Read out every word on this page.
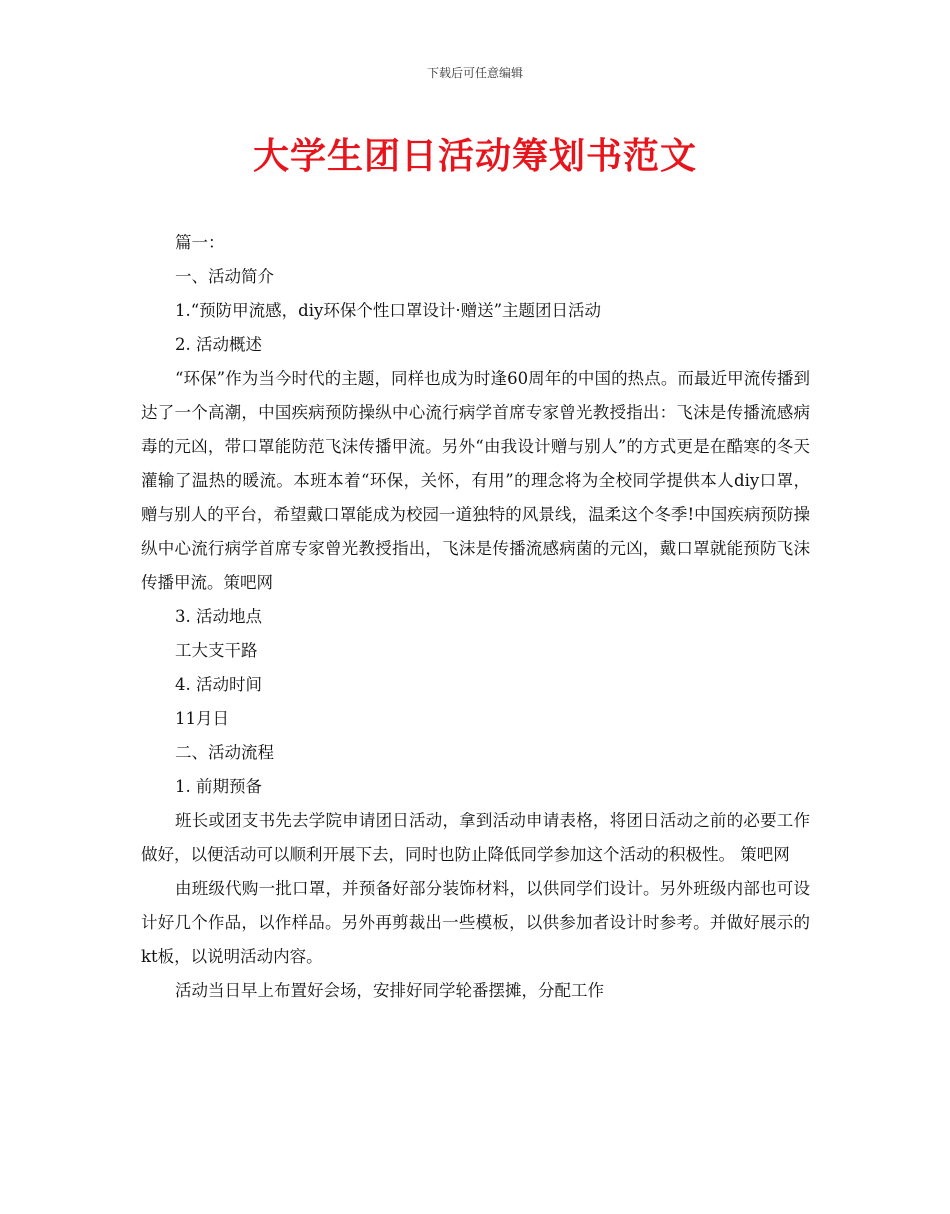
下载后可任意编辑
大学生团日活动筹划书范文

篇一：

一、活动简介

1.“预防甲流感，diy环保个性口罩设计·赠送”主题团日活动

2. 活动概述

“环保”作为当今时代的主题，同样也成为时逢60周年的中国的热点。而最近甲流传播到达了一个高潮，中国疾病预防操纵中心流行病学首席专家曾光教授指出：飞沫是传播流感病毒的元凶，带口罩能防范飞沫传播甲流。另外“由我设计赠与别人”的方式更是在酷寒的冬天灌输了温热的暖流。本班本着“环保，关怀，有用”的理念将为全校同学提供本人diy口罩，赠与别人的平台，希望戴口罩能成为校园一道独特的风景线，温柔这个冬季!中国疾病预防操纵中心流行病学首席专家曾光教授指出，飞沫是传播流感病菌的元凶，戴口罩就能预防飞沫传播甲流。策吧网

3. 活动地点

工大支干路

4. 活动时间

11月日

二、活动流程

1. 前期预备

班长或团支书先去学院申请团日活动，拿到活动申请表格，将团日活动之前的必要工作做好，以便活动可以顺利开展下去，同时也防止降低同学参加这个活动的积极性。 策吧网

由班级代购一批口罩，并预备好部分装饰材料，以供同学们设计。另外班级内部也可设计好几个作品，以作样品。另外再剪裁出一些模板，以供参加者设计时参考。并做好展示的kt板，以说明活动内容。

活动当日早上布置好会场，安排好同学轮番摆摊，分配工作
